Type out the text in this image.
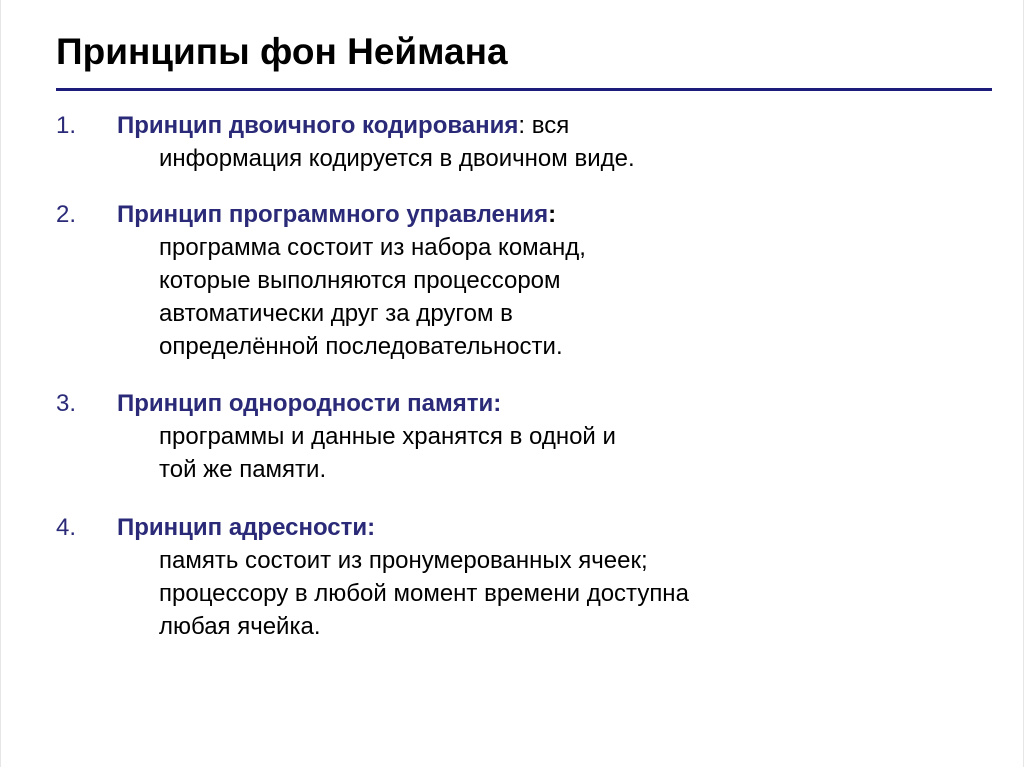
Принципы фон Неймана
1. Принцип двоичного кодирования: вся
информация кодируется в двоичном виде.
2. Принцип программного управления:
программа состоит из набора команд,
которые выполняются процессором
автоматически друг за другом в
определённой последовательности.
3. Принцип однородности памяти:
программы и данные хранятся в одной и
той же памяти.
4. Принцип адресности:
память состоит из пронумерованных ячеек;
процессору в любой момент времени доступна
любая ячейка.
